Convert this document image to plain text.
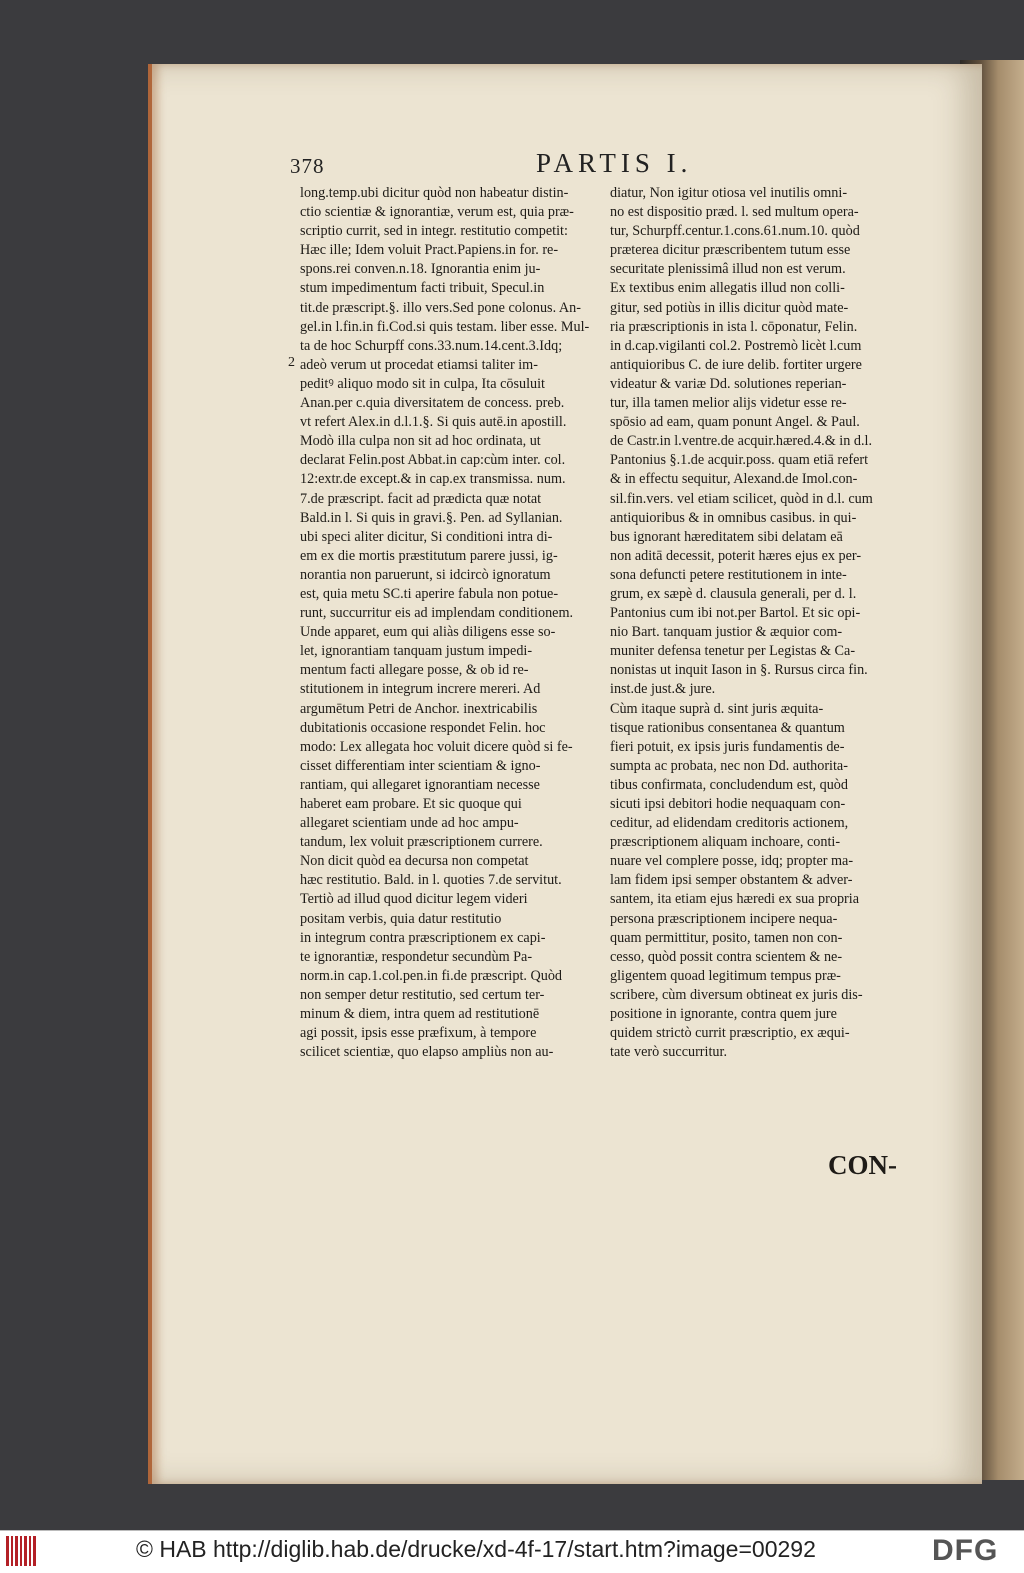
378	PARTIS I.
2

long.temp.ubi dicitur quòd non habeatur distin-

ctio scientiæ & ignorantiæ, verum est, quia præ-

scriptio currit, sed in integr. restitutio competit:

Hæc ille; Idem voluit Pract.Papiens.in for. re-

spons.rei conven.n.18. Ignorantia enim ju-

stum impedimentum facti tribuit, Specul.in

tit.de præscript.§. illo vers.Sed pone colonus. An-

gel.in l.fin.in fi.Cod.si quis testam. liber esse. Mul-

ta de hoc Schurpff cons.33.num.14.cent.3.Idq;

adeò verum ut procedat etiamsi taliter im-

peditꝰ aliquo modo sit in culpa, Ita cōsuluit

Anan.per c.quia diversitatem de concess. preb.

vt refert Alex.in d.l.1.§. Si quis autē.in apostill.

Modò illa culpa non sit ad hoc ordinata, ut

declarat Felin.post Abbat.in cap:cùm inter. col.

12:extr.de except.& in cap.ex transmissa. num.

7.de præscript. facit ad prædicta quæ notat

Bald.in l. Si quis in gravi.§. Pen. ad Syllanian.

ubi speci aliter dicitur, Si conditioni intra di-

em ex die mortis præstitutum parere jussi, ig-

norantia non paruerunt, si idcircò ignoratum

est, quia metu SC.ti aperire fabula non potue-

runt, succurritur eis ad implendam conditionem.

Unde apparet, eum qui aliàs diligens esse so-

let, ignorantiam tanquam justum impedi-

mentum facti allegare posse, & ob id re-

stitutionem in integrum increre mereri. Ad

argumētum Petri de Anchor. inextricabilis

dubitationis occasione respondet Felin. hoc

modo: Lex allegata hoc voluit dicere quòd si fe-

cisset differentiam inter scientiam & igno-

rantiam, qui allegaret ignorantiam necesse

haberet eam probare. Et sic quoque qui

allegaret scientiam unde ad hoc ampu-

tandum, lex voluit præscriptionem currere.

Non dicit quòd ea decursa non competat

hæc restitutio. Bald. in l. quoties 7.de servitut.

Tertiò ad illud quod dicitur legem videri

positam verbis, quia datur restitutio

in integrum contra præscriptionem ex capi-

te ignorantiæ, respondetur secundùm Pa-

norm.in cap.1.col.pen.in fi.de præscript. Quòd

non semper detur restitutio, sed certum ter-

minum & diem, intra quem ad restitutionē

agi possit, ipsis esse præfixum, à tempore

scilicet scientiæ, quo elapso ampliùs non au-

diatur, Non igitur otiosa vel inutilis omni-

no est dispositio præd. l. sed multum opera-

tur, Schurpff.centur.1.cons.61.num.10. quòd

præterea dicitur præscribentem tutum esse

securitate plenissimâ illud non est verum.

Ex textibus enim allegatis illud non colli-

gitur, sed potiùs in illis dicitur quòd mate-

ria præscriptionis in ista l. cōponatur, Felin.

in d.cap.vigilanti col.2. Postremò licèt l.cum

antiquioribus C. de iure delib. fortiter urgere

videatur & variæ Dd. solutiones reperian-

tur, illa tamen melior alijs videtur esse re-

spōsio ad eam, quam ponunt Angel. & Paul.

de Castr.in l.ventre.de acquir.hæred.4.& in d.l.

Pantonius §.1.de acquir.poss. quam etiā refert

& in effectu sequitur, Alexand.de Imol.con-

sil.fin.vers. vel etiam scilicet, quòd in d.l. cum

antiquioribus & in omnibus casibus. in qui-

bus ignorant hæreditatem sibi delatam eā

non aditā decessit, poterit hæres ejus ex per-

sona defuncti petere restitutionem in inte-

grum, ex sæpè d. clausula generali, per d. l.

Pantonius cum ibi not.per Bartol. Et sic opi-

nio Bart. tanquam justior & æquior com-

muniter defensa tenetur per Legistas & Ca-

nonistas ut inquit Iason in §. Rursus circa fin.

inst.de just.& jure.

Cùm itaque suprà d. sint juris æquita-

tisque rationibus consentanea & quantum

fieri potuit, ex ipsis juris fundamentis de-

sumpta ac probata, nec non Dd. authorita-

tibus confirmata, concludendum est, quòd

sicuti ipsi debitori hodie nequaquam con-

ceditur, ad elidendam creditoris actionem,

præscriptionem aliquam inchoare, conti-

nuare vel complere posse, idq; propter ma-

lam fidem ipsi semper obstantem & adver-

santem, ita etiam ejus hæredi ex sua propria

persona præscriptionem incipere nequa-

quam permittitur, posito, tamen non con-

cesso, quòd possit contra scientem & ne-

gligentem quoad legitimum tempus præ-

scribere, cùm diversum obtineat ex juris dis-

positione in ignorante, contra quem jure

quidem strictò currit præscriptio, ex æqui-

tate verò succurritur.

CON-
© HAB http://diglib.hab.de/drucke/xd-4f-17/start.htm?image=00292	DFG
